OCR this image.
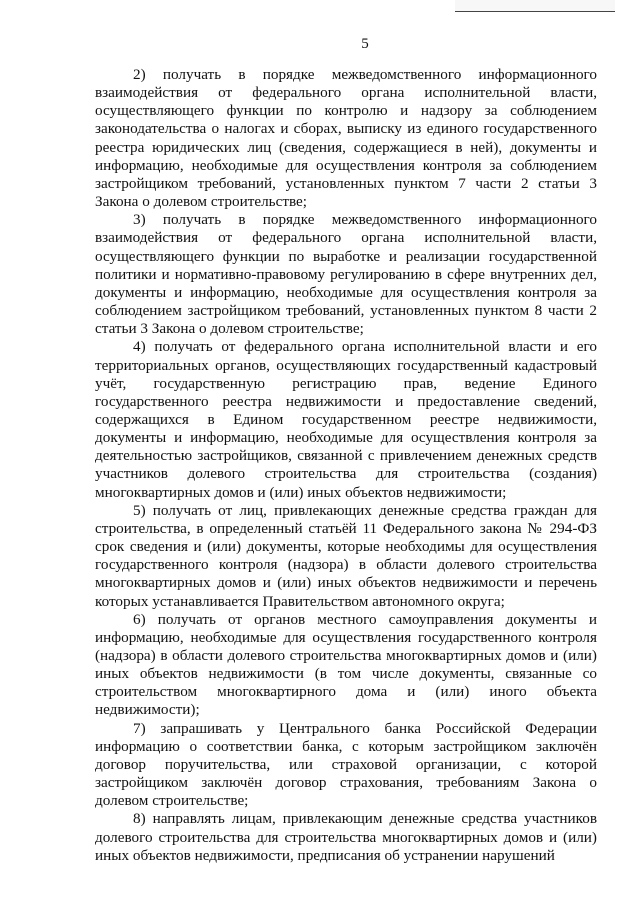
5

2) получать в порядке межведомственного информационного взаимодействия от федерального органа исполнительной власти, осуществляющего функции по контролю и надзору за соблюдением законодательства о налогах и сборах, выписку из единого государственного реестра юридических лиц (сведения, содержащиеся в ней), документы и информацию, необходимые для осуществления контроля за соблюдением застройщиком требований, установленных пунктом 7 части 2 статьи 3 Закона о долевом строительстве;

3) получать в порядке межведомственного информационного взаимодействия от федерального органа исполнительной власти, осуществляющего функции по выработке и реализации государственной политики и нормативно-правовому регулированию в сфере внутренних дел, документы и информацию, необходимые для осуществления контроля за соблюдением застройщиком требований, установленных пунктом 8 части 2 статьи 3 Закона о долевом строительстве;

4) получать от федерального органа исполнительной власти и его территориальных органов, осуществляющих государственный кадастровый учёт, государственную регистрацию прав, ведение Единого государственного реестра недвижимости и предоставление сведений, содержащихся в Едином государственном реестре недвижимости, документы и информацию, необходимые для осуществления контроля за деятельностью застройщиков, связанной с привлечением денежных средств участников долевого строительства для строительства (создания) многоквартирных домов и (или) иных объектов недвижимости;

5) получать от лиц, привлекающих денежные средства граждан для строительства, в определенный статьёй 11 Федерального закона № 294-ФЗ срок сведения и (или) документы, которые необходимы для осуществления государственного контроля (надзора) в области долевого строительства многоквартирных домов и (или) иных объектов недвижимости и перечень которых устанавливается Правительством автономного округа;

6) получать от органов местного самоуправления документы и информацию, необходимые для осуществления государственного контроля (надзора) в области долевого строительства многоквартирных домов и (или) иных объектов недвижимости (в том числе документы, связанные со строительством многоквартирного дома и (или) иного объекта недвижимости);

7) запрашивать у Центрального банка Российской Федерации информацию о соответствии банка, с которым застройщиком заключён договор поручительства, или страховой организации, с которой застройщиком заключён договор страхования, требованиям Закона о долевом строительстве;

8) направлять лицам, привлекающим денежные средства участников долевого строительства для строительства многоквартирных домов и (или) иных объектов недвижимости, предписания об устранении нарушений
